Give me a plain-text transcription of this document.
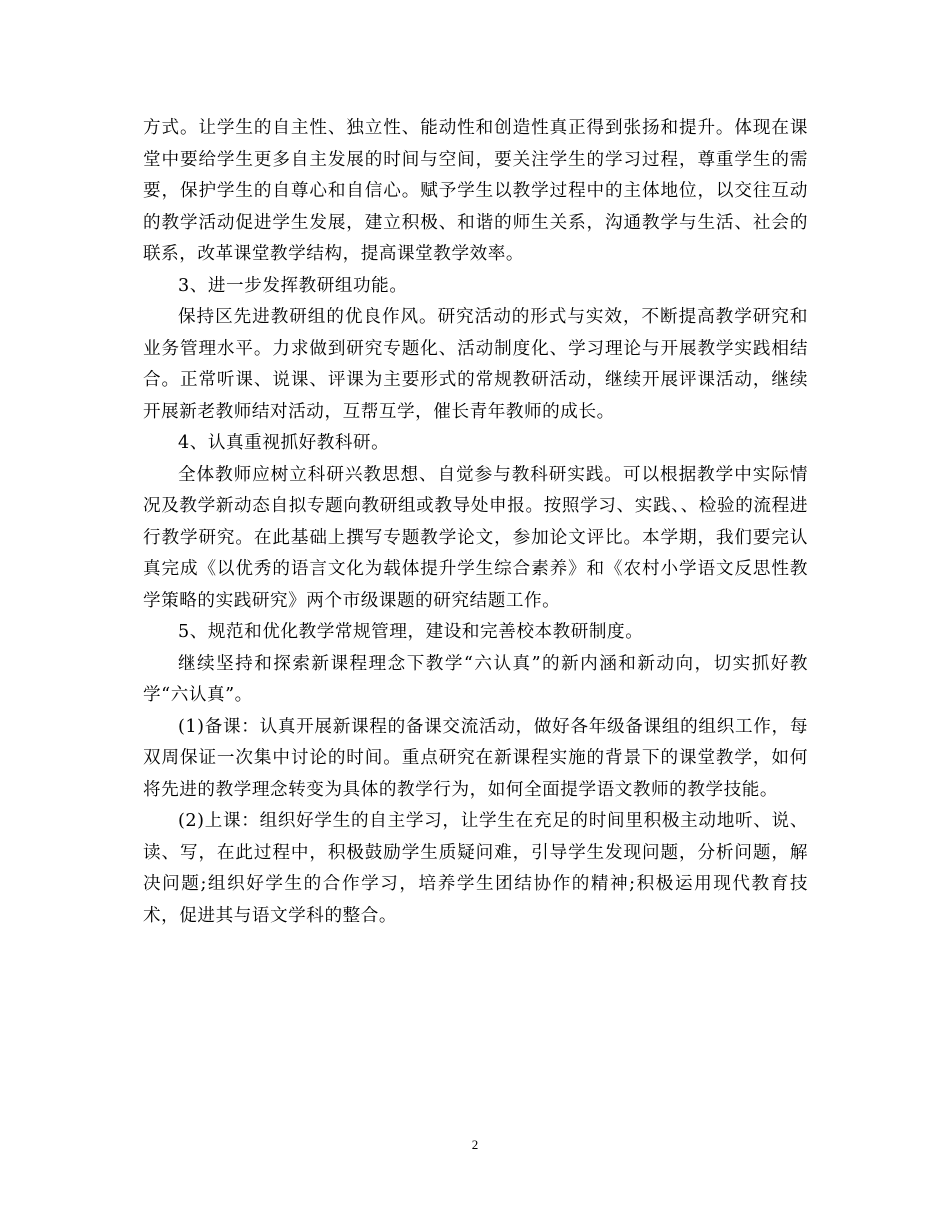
方式。让学生的自主性、独立性、能动性和创造性真正得到张扬和提升。体现在课堂中要给学生更多自主发展的时间与空间，要关注学生的学习过程，尊重学生的需要，保护学生的自尊心和自信心。赋予学生以教学过程中的主体地位，以交往互动的教学活动促进学生发展，建立积极、和谐的师生关系，沟通教学与生活、社会的联系，改革课堂教学结构，提高课堂教学效率。

3、进一步发挥教研组功能。

保持区先进教研组的优良作风。研究活动的形式与实效，不断提高教学研究和业务管理水平。力求做到研究专题化、活动制度化、学习理论与开展教学实践相结合。正常听课、说课、评课为主要形式的常规教研活动，继续开展评课活动，继续开展新老教师结对活动，互帮互学，催长青年教师的成长。

4、认真重视抓好教科研。

全体教师应树立科研兴教思想、自觉参与教科研实践。可以根据教学中实际情况及教学新动态自拟专题向教研组或教导处申报。按照学习、实践、、检验的流程进行教学研究。在此基础上撰写专题教学论文，参加论文评比。本学期，我们要完认真完成《以优秀的语言文化为载体提升学生综合素养》和《农村小学语文反思性教学策略的实践研究》两个市级课题的研究结题工作。

5、规范和优化教学常规管理，建设和完善校本教研制度。

继续坚持和探索新课程理念下教学“六认真”的新内涵和新动向，切实抓好教学“六认真”。

(1)备课：认真开展新课程的备课交流活动，做好各年级备课组的组织工作，每双周保证一次集中讨论的时间。重点研究在新课程实施的背景下的课堂教学，如何将先进的教学理念转变为具体的教学行为，如何全面提学语文教师的教学技能。

(2)上课：组织好学生的自主学习，让学生在充足的时间里积极主动地听、说、读、写，在此过程中，积极鼓励学生质疑问难，引导学生发现问题，分析问题，解决问题;组织好学生的合作学习，培养学生团结协作的精神;积极运用现代教育技术，促进其与语文学科的整合。

2
